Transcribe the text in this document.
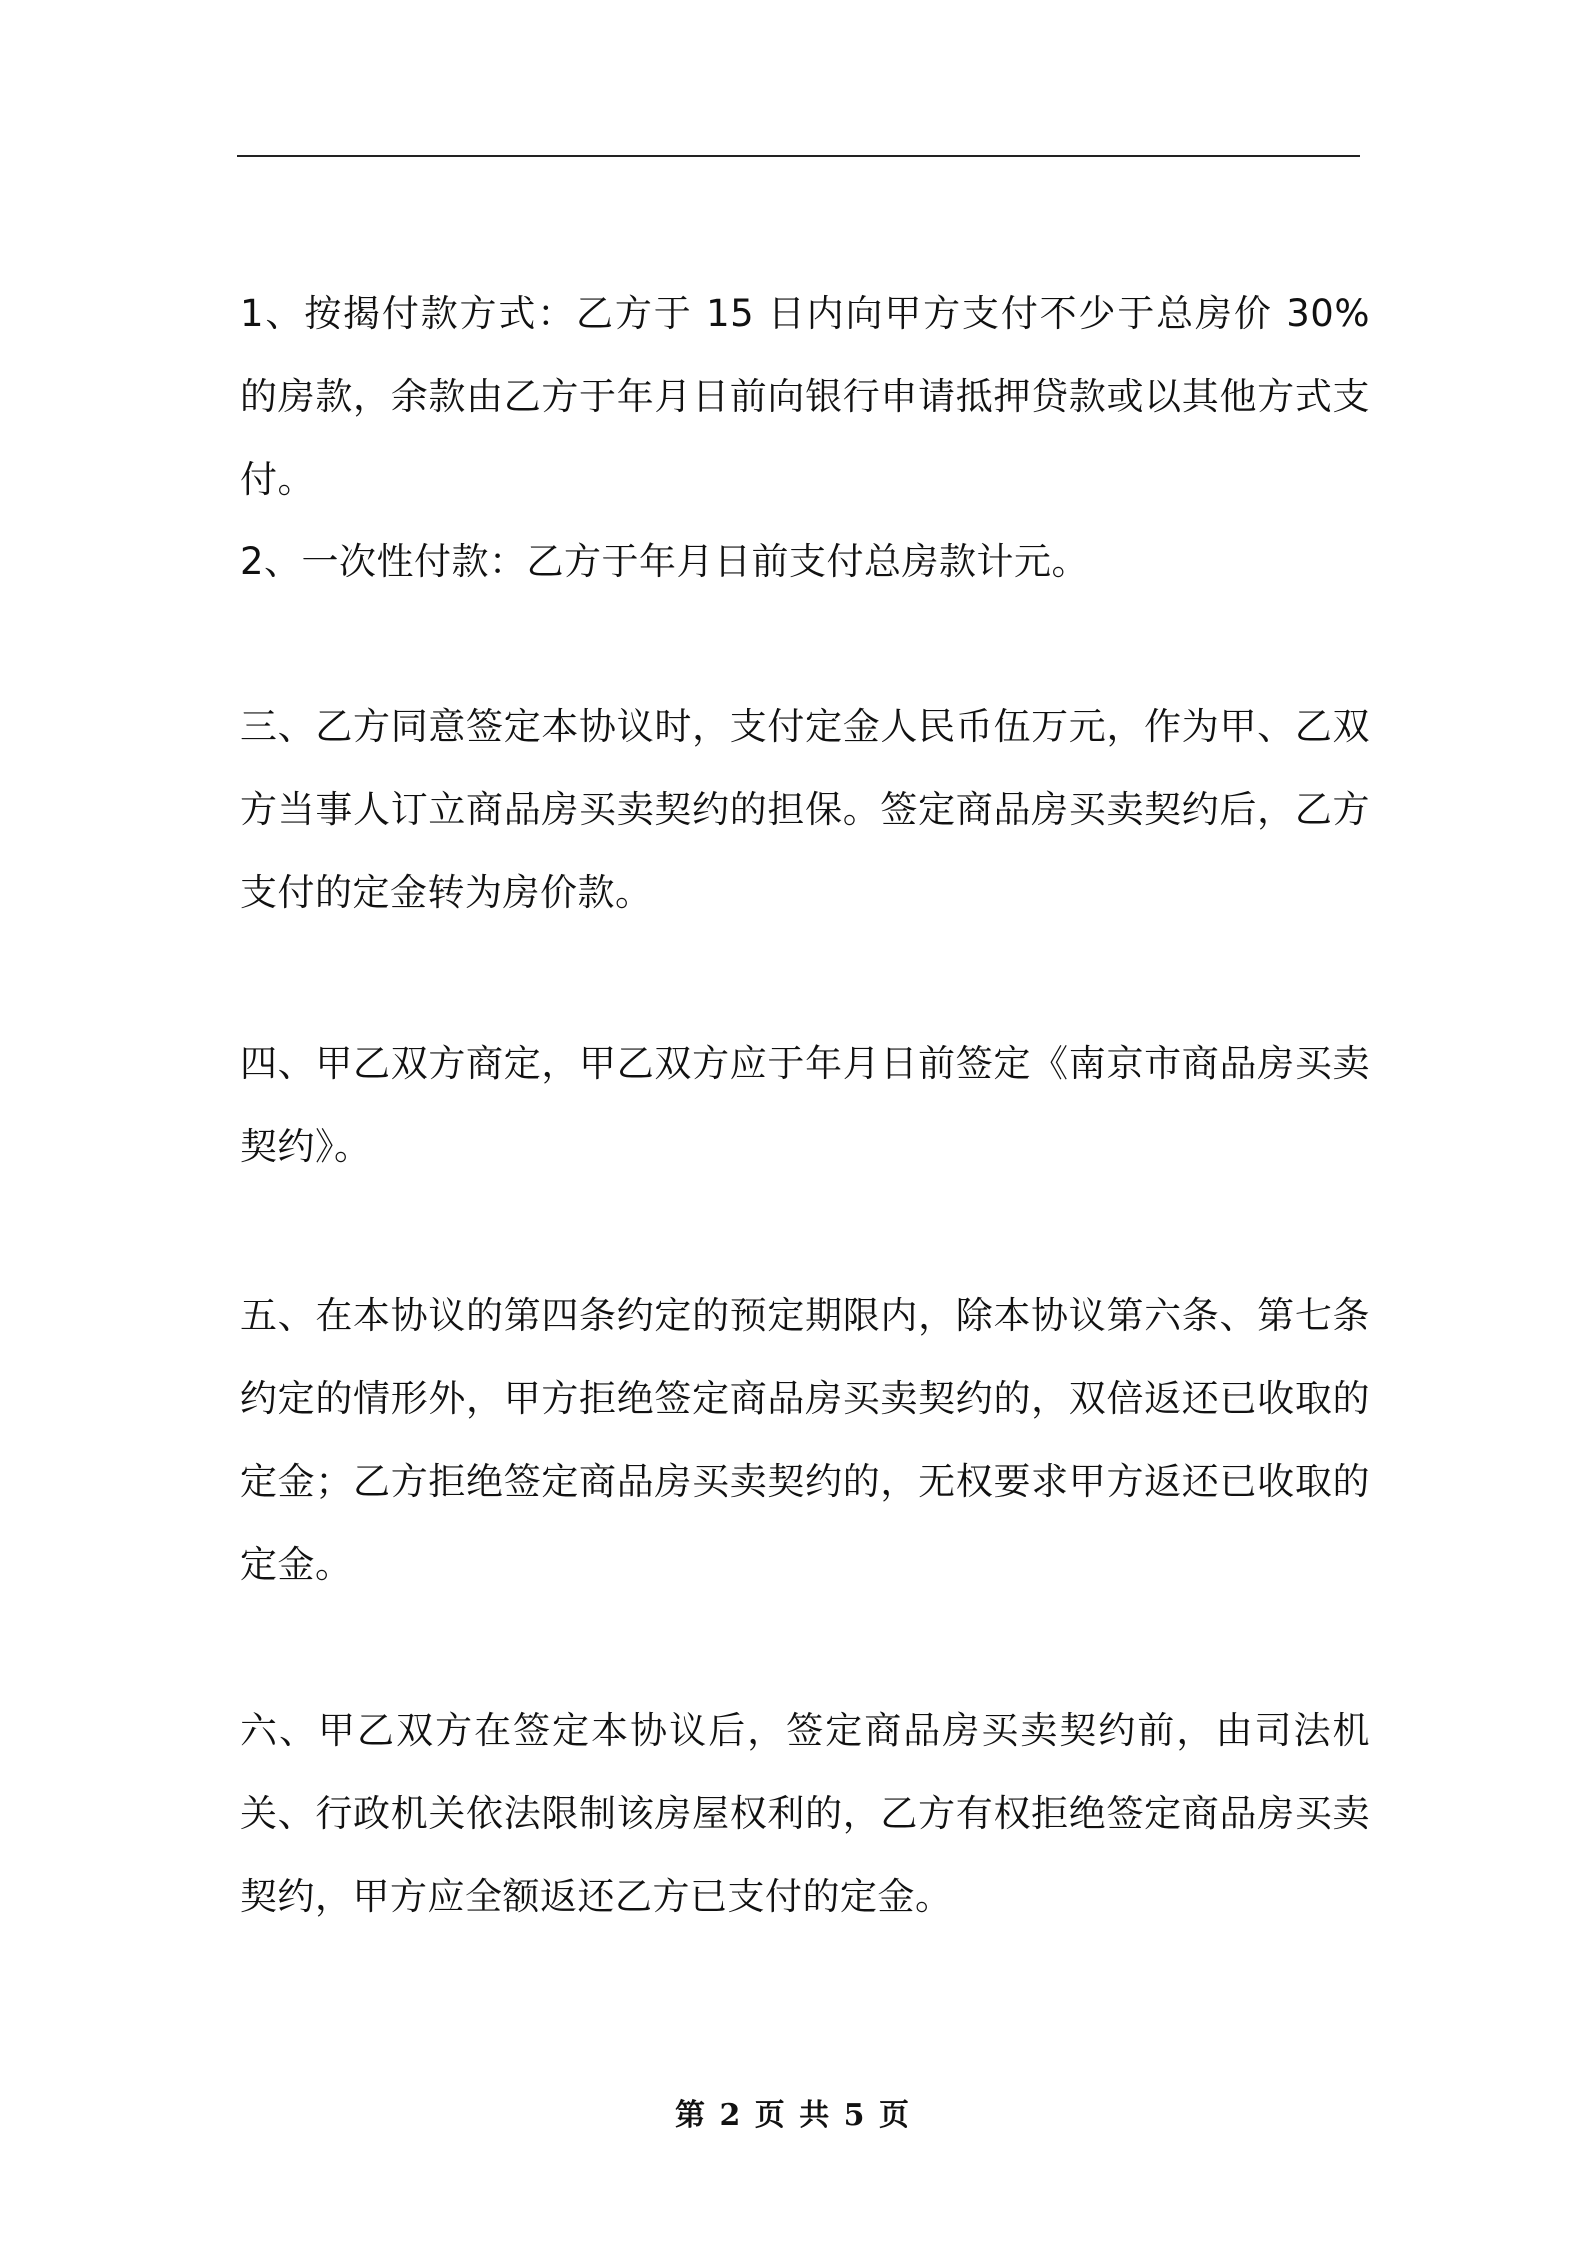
1、按揭付款方式：乙方于 15 日内向甲方支付不少于总房价 30%的房款，余款由乙方于年月日前向银行申请抵押贷款或以其他方式支付。

2、一次性付款：乙方于年月日前支付总房款计元。

三、乙方同意签定本协议时，支付定金人民币伍万元，作为甲、乙双方当事人订立商品房买卖契约的担保。签定商品房买卖契约后，乙方支付的定金转为房价款。

四、甲乙双方商定，甲乙双方应于年月日前签定《南京市商品房买卖契约》。

五、在本协议的第四条约定的预定期限内，除本协议第六条、第七条约定的情形外，甲方拒绝签定商品房买卖契约的，双倍返还已收取的定金；乙方拒绝签定商品房买卖契约的，无权要求甲方返还已收取的定金。

六、甲乙双方在签定本协议后，签定商品房买卖契约前，由司法机关、行政机关依法限制该房屋权利的，乙方有权拒绝签定商品房买卖契约，甲方应全额返还乙方已支付的定金。

第 2 页 共 5 页
